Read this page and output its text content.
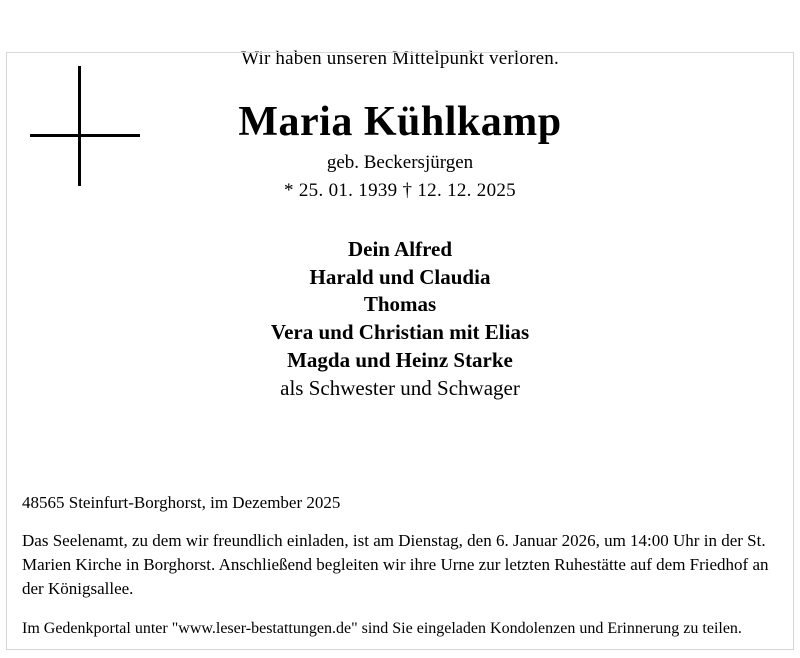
Wir haben unseren Mittelpunkt verloren.
Maria Kühlkamp
geb. Beckersjürgen
* 25. 01. 1939 † 12. 12. 2025
Dein Alfred
Harald und Claudia
Thomas
Vera und Christian mit Elias
Magda und Heinz Starke
als Schwester und Schwager
48565 Steinfurt-Borghorst, im Dezember 2025
Das Seelenamt, zu dem wir freundlich einladen, ist am Dienstag, den 6. Januar 2026, um 14:00 Uhr in der St. Marien Kirche in Borghorst. Anschließend begleiten wir ihre Urne zur letzten Ruhestätte auf dem Friedhof an der Königsallee.
Im Gedenkportal unter "www.leser-bestattungen.de" sind Sie eingeladen Kondolenzen und Erinnerung zu teilen.
